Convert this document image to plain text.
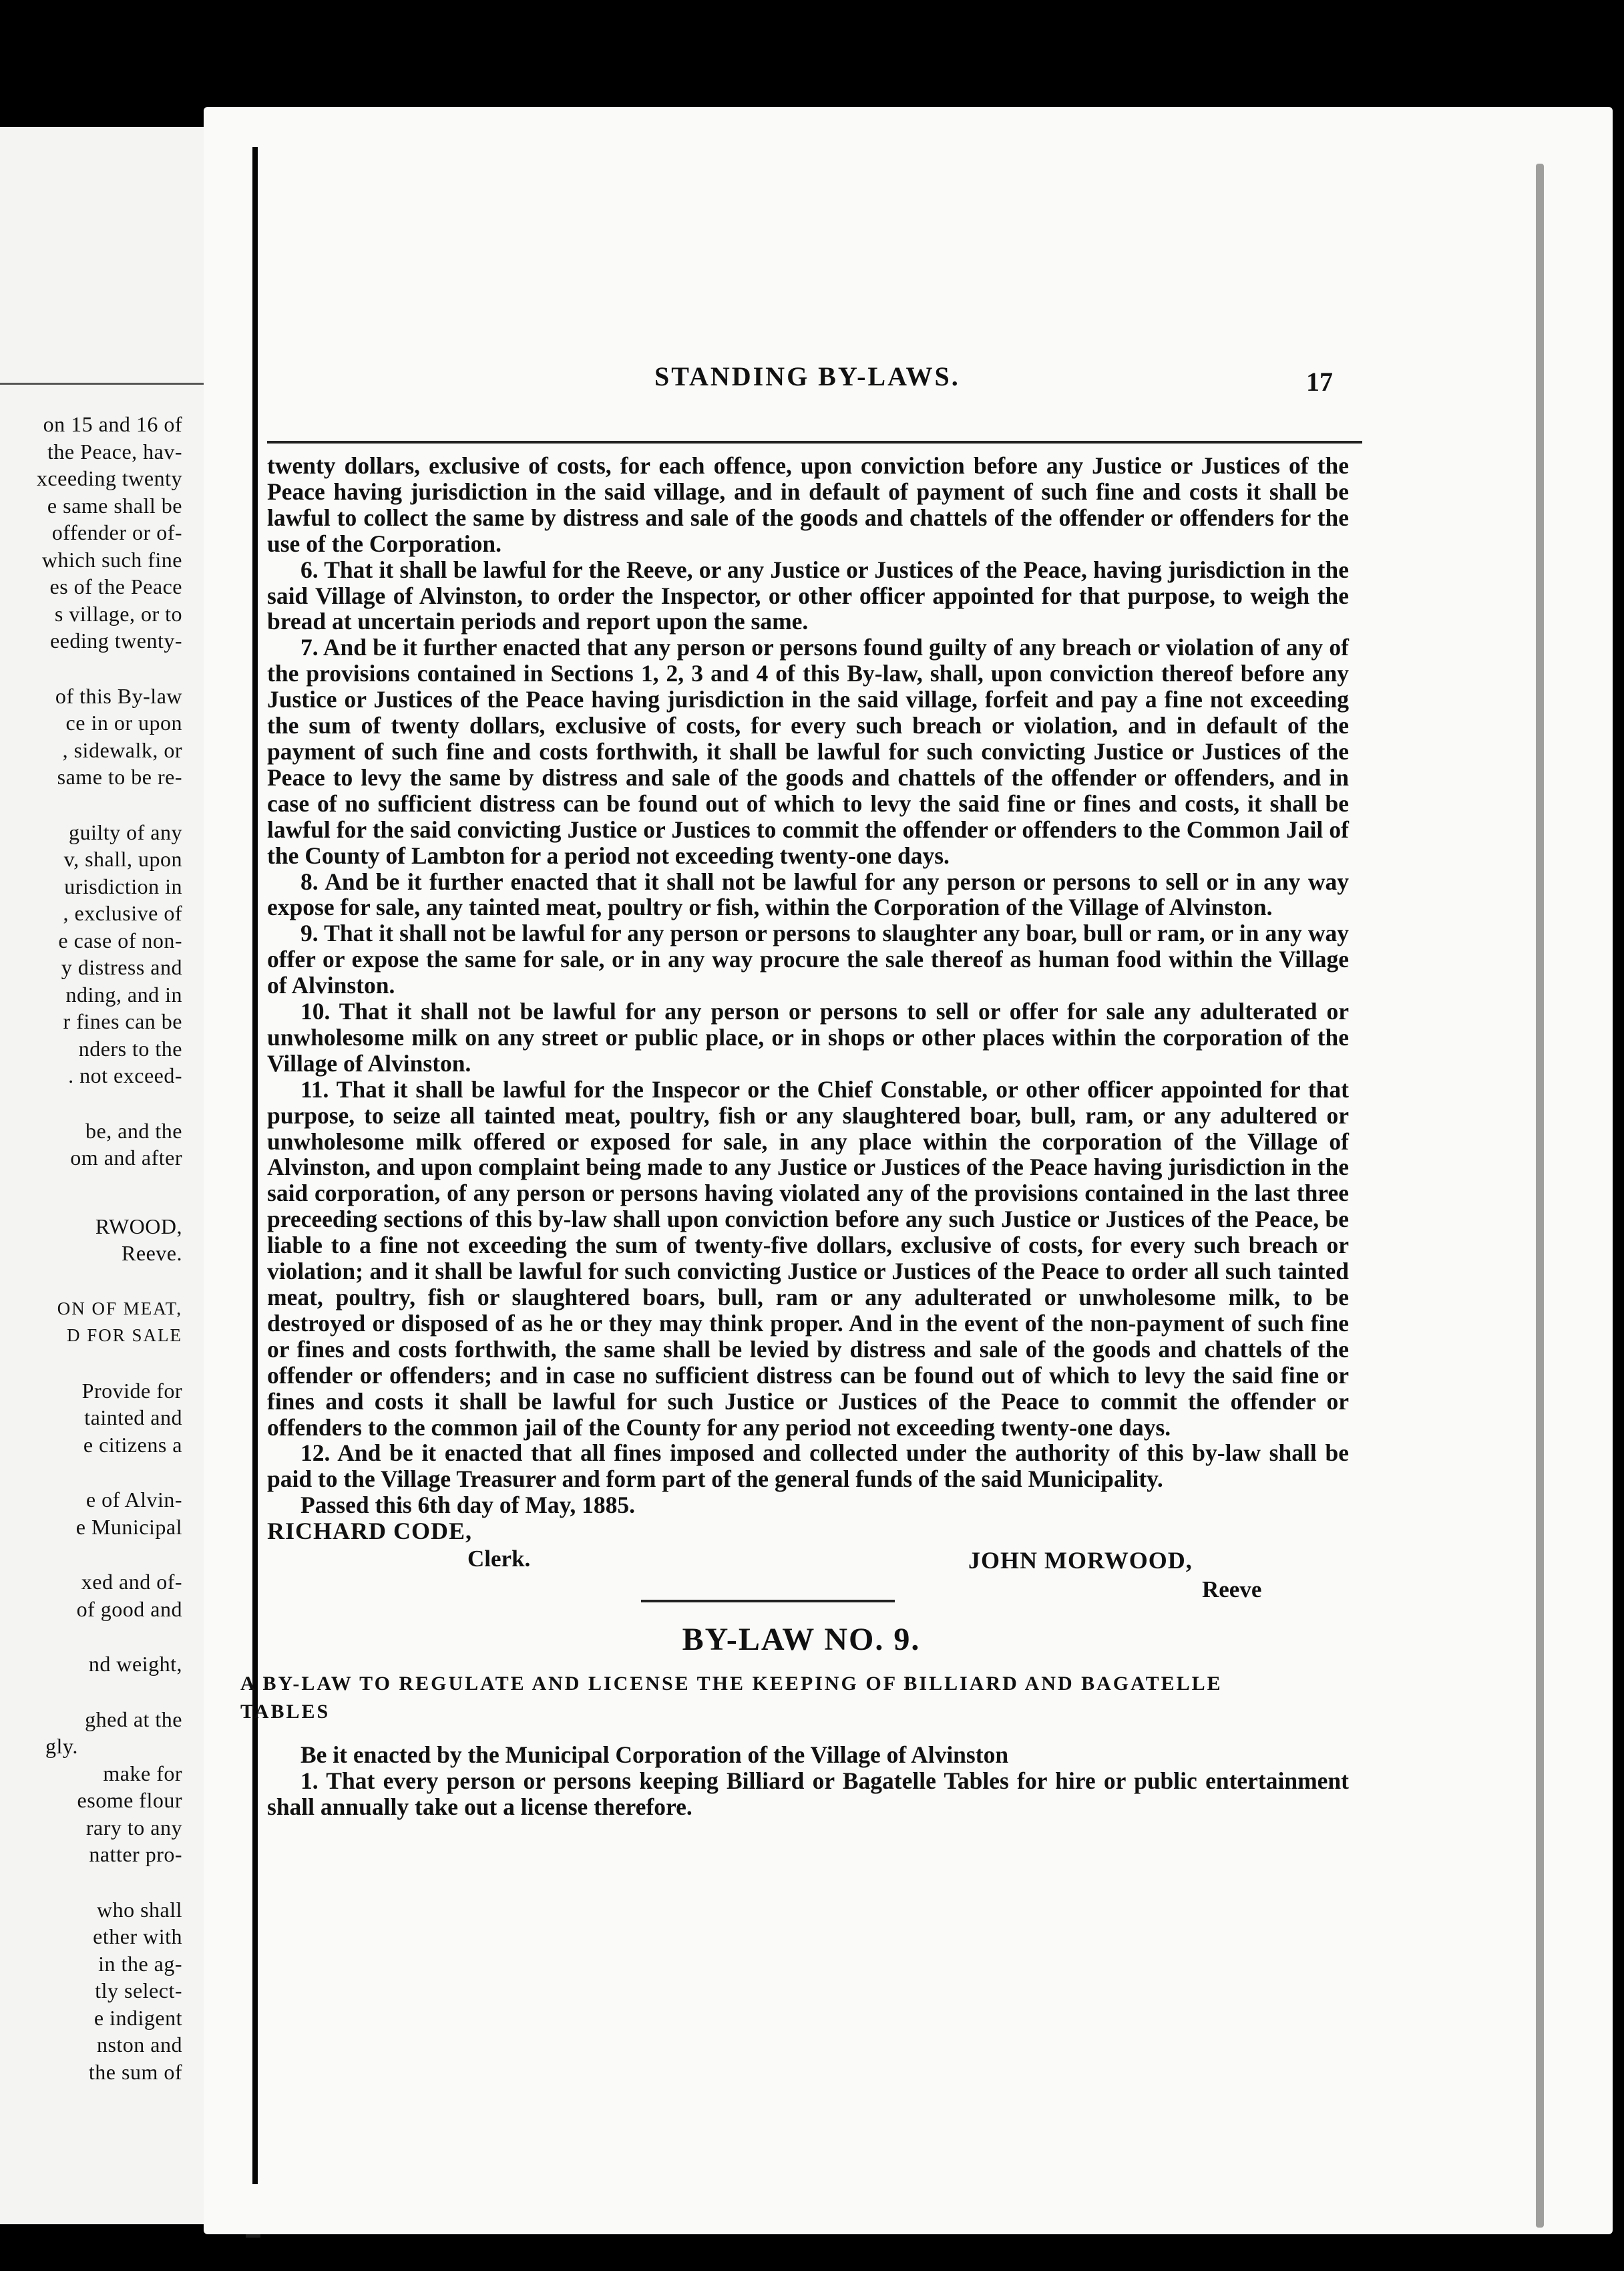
on 15 and 16 of
the Peace, hav-
xceeding twenty
e same shall be
offender or of-
which such fine
es of the Peace
s village, or to
eeding twenty-
of this By-law
ce in or upon
, sidewalk, or
same to be re-
guilty of any
v, shall, upon
urisdiction in
, exclusive of
e case of non-
y distress and
nding, and in
r fines can be
nders to the
. not exceed-
be, and the
om and after
RWOOD,
Reeve.
ON OF MEAT,
D FOR SALE
Provide for
tainted and
e citizens a
e of Alvin-
e Municipal
xed and of-
of good and
nd weight,
ghed at the
gly.
make for
esome flour
rary to any
natter pro-
who shall
ether with
in the ag-
tly select-
e indigent
nston and
the sum of
STANDING BY-LAWS.	17

twenty dollars, exclusive of costs, for each offence, upon conviction before any Justice or Justices of the Peace having jurisdiction in the said village, and in default of payment of such fine and costs it shall be lawful to collect the same by distress and sale of the goods and chattels of the offender or offenders for the use of the Corporation.

6. That it shall be lawful for the Reeve, or any Justice or Justices of the Peace, having jurisdiction in the said Village of Alvinston, to order the Inspector, or other officer appointed for that purpose, to weigh the bread at uncertain periods and report upon the same.

7. And be it further enacted that any person or persons found guilty of any breach or violation of any of the provisions contained in Sections 1, 2, 3 and 4 of this By-law, shall, upon conviction thereof before any Justice or Justices of the Peace having jurisdiction in the said village, forfeit and pay a fine not exceeding the sum of twenty dollars, exclusive of costs, for every such breach or violation, and in default of the payment of such fine and costs forthwith, it shall be lawful for such convicting Justice or Justices of the Peace to levy the same by distress and sale of the goods and chattels of the offender or offenders, and in case of no sufficient distress can be found out of which to levy the said fine or fines and costs, it shall be lawful for the said convicting Justice or Justices to commit the offender or offenders to the Common Jail of the County of Lambton for a period not exceeding twenty-one days.

8. And be it further enacted that it shall not be lawful for any person or persons to sell or in any way expose for sale, any tainted meat, poultry or fish, within the Corporation of the Village of Alvinston.

9. That it shall not be lawful for any person or persons to slaughter any boar, bull or ram, or in any way offer or expose the same for sale, or in any way procure the sale thereof as human food within the Village of Alvinston.

10. That it shall not be lawful for any person or persons to sell or offer for sale any adulterated or unwholesome milk on any street or public place, or in shops or other places within the corporation of the Village of Alvinston.

11. That it shall be lawful for the Inspecor or the Chief Constable, or other officer appointed for that purpose, to seize all tainted meat, poultry, fish or any slaughtered boar, bull, ram, or any adultered or unwholesome milk offered or exposed for sale, in any place within the corporation of the Village of Alvinston, and upon complaint being made to any Justice or Justices of the Peace having jurisdiction in the said corporation, of any person or persons having violated any of the provisions contained in the last three preceeding sections of this by-law shall upon conviction before any such Justice or Justices of the Peace, be liable to a fine not exceeding the sum of twenty-five dollars, exclusive of costs, for every such breach or violation; and it shall be lawful for such convicting Justice or Justices of the Peace to order all such tainted meat, poultry, fish or slaughtered boars, bull, ram or any adulterated or unwholesome milk, to be destroyed or disposed of as he or they may think proper. And in the event of the non-payment of such fine or fines and costs forthwith, the same shall be levied by distress and sale of the goods and chattels of the offender or offenders; and in case no sufficient distress can be found out of which to levy the said fine or fines and costs it shall be lawful for such Justice or Justices of the Peace to commit the offender or offenders to the common jail of the County for any period not exceeding twenty-one days.

12. And be it enacted that all fines imposed and collected under the authority of this by-law shall be paid to the Village Treasurer and form part of the general funds of the said Municipality.

Passed this 6th day of May, 1885.

RICHARD CODE,
Clerk.	JOHN MORWOOD,
Reeve
BY-LAW NO. 9.
A BY-LAW TO REGULATE AND LICENSE THE KEEPING OF BILLIARD AND BAGATELLE TABLES

Be it enacted by the Municipal Corporation of the Village of Alvinston

1. That every person or persons keeping Billiard or Bagatelle Tables for hire or public entertainment shall annually take out a license therefore.
